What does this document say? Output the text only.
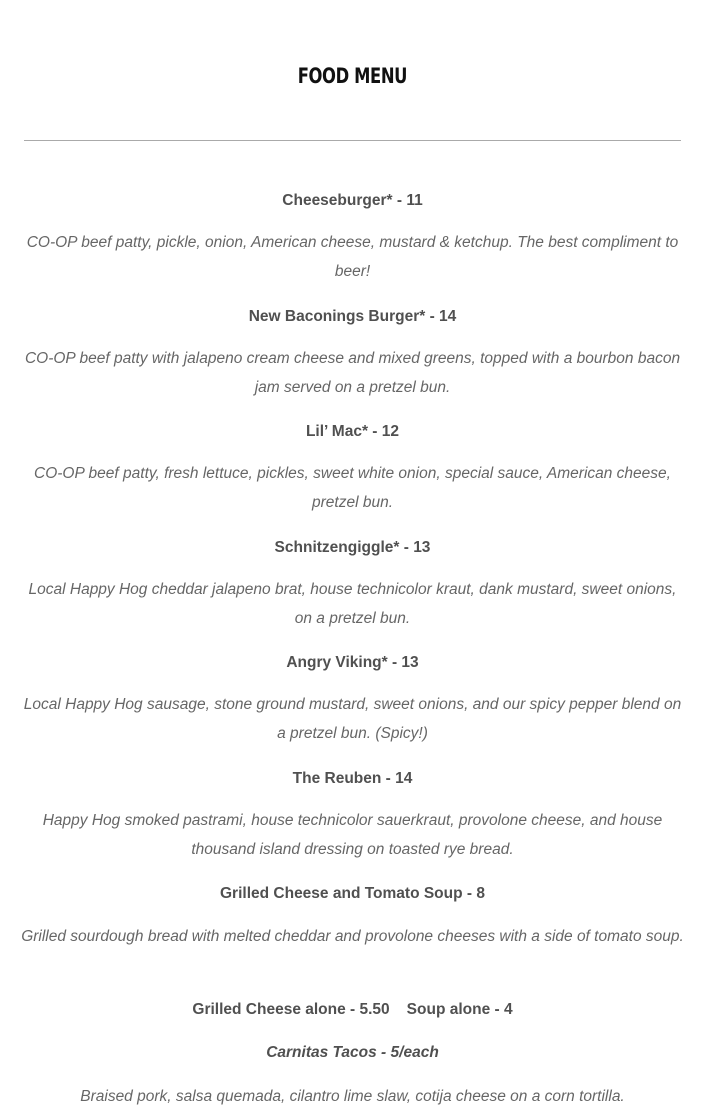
FOOD MENU

Cheeseburger* - 11

CO-OP beef patty, pickle, onion, American cheese, mustard & ketchup. The best compliment to beer!

New Baconings Burger* - 14

CO-OP beef patty with jalapeno cream cheese and mixed greens, topped with a bourbon bacon jam served on a pretzel bun.

Lil’ Mac* - 12

CO-OP beef patty, fresh lettuce, pickles, sweet white onion, special sauce, American cheese, pretzel bun.

Schnitzengiggle* - 13

Local Happy Hog cheddar jalapeno brat, house technicolor kraut, dank mustard, sweet onions, on a pretzel bun.

Angry Viking* - 13

Local Happy Hog sausage, stone ground mustard, sweet onions, and our spicy pepper blend on a pretzel bun. (Spicy!)

The Reuben - 14

Happy Hog smoked pastrami, house technicolor sauerkraut, provolone cheese, and house thousand island dressing on toasted rye bread.

Grilled Cheese and Tomato Soup - 8

Grilled sourdough bread with melted cheddar and provolone cheeses with a side of tomato soup.

Grilled Cheese alone - 5.50 Soup alone - 4

Carnitas Tacos - 5/each

Braised pork, salsa quemada, cilantro lime slaw, cotija cheese on a corn tortilla.
